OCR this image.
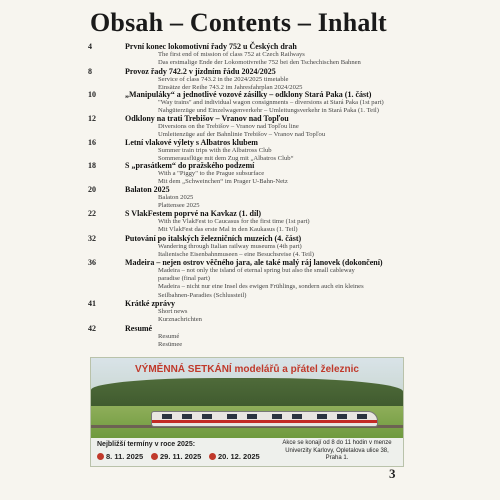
Obsah – Contents – Inhalt
4	První konec lokomotivní řady 752 u Českých drah
The first end of mission of class 752 at Czech Railways
Das erstmalige Ende der Lokomotivreihe 752 bei den Tschechischen Bahnen
8	Provoz řady 742.2 v jízdním řádu 2024/2025
Service of class 743.2 in the 2024/2025 timetable
Einsätze der Reihe 743.2 im Jahresfahrplan 2024/2025
10	„Manipuláky“ a jednotlivé vozové zásilky – odklony Stará Paka (1. část)
"Way trains" and individual wagon consignments – diversions at Stará Paka (1st part)
Nahgüterzüge und Einzelwagenverkehr – Umleitungsverkehr in Stará Paka (1. Teil)
12	Odklony na trati Trebišov – Vranov nad Topľou
Diversions on the Trebišov – Vranov nad Topľou line
Umleitenzüge auf der Bahnlinie Trebišov – Vranov nad Topľou
16	Letní vlakové výlety s Albatros klubem
Summer train trips with the Albatross Club
Sommerausflüge mit dem Zug mit „Albatros Club“
18	S „prasátkem“ do pražského podzemí
With a "Piggy" to the Prague subsurface
Mit dem „Schweinchen“ im Prager U-Bahn-Netz
20	Balaton 2025
Balaton 2025
Plattensee 2025
22	S VlakFestem poprvé na Kavkaz (1. díl)
With the VlakFest to Caucasus for the first time (1st part)
Mit VlakFest das erste Mal in den Kaukasus (1. Teil)
32	Putování po italských železničních muzeích (4. část)
Wandering through Italian railway museums (4th part)
Italienische Eisenbahnmuseen – eine Besuchsreise (4. Teil)
36	Madeira – nejen ostrov věčného jara, ale také malý ráj lanovek (dokončení)
Madeira – not only the island of eternal spring but also the small cableway
paradise (final part)
Madeira – nicht nur eine Insel des ewigen Frühlings, sondern auch ein kleines
Seilbahnen-Paradies (Schlussteil)
41	Krátké zprávy
Short news
Kurznachrichten
42	Resumé
Resumé
Resümee
VÝMĚNNÁ SETKÁNÍ modelářů a přátel železnic
Nejbližší termíny v roce 2025:
8. 11. 2025	29. 11. 2025	20. 12. 2025
Akce se konají od 8 do 11 hodin v menze
Univerzity Karlovy, Opletalova ulice 38,
Praha 1.
3
